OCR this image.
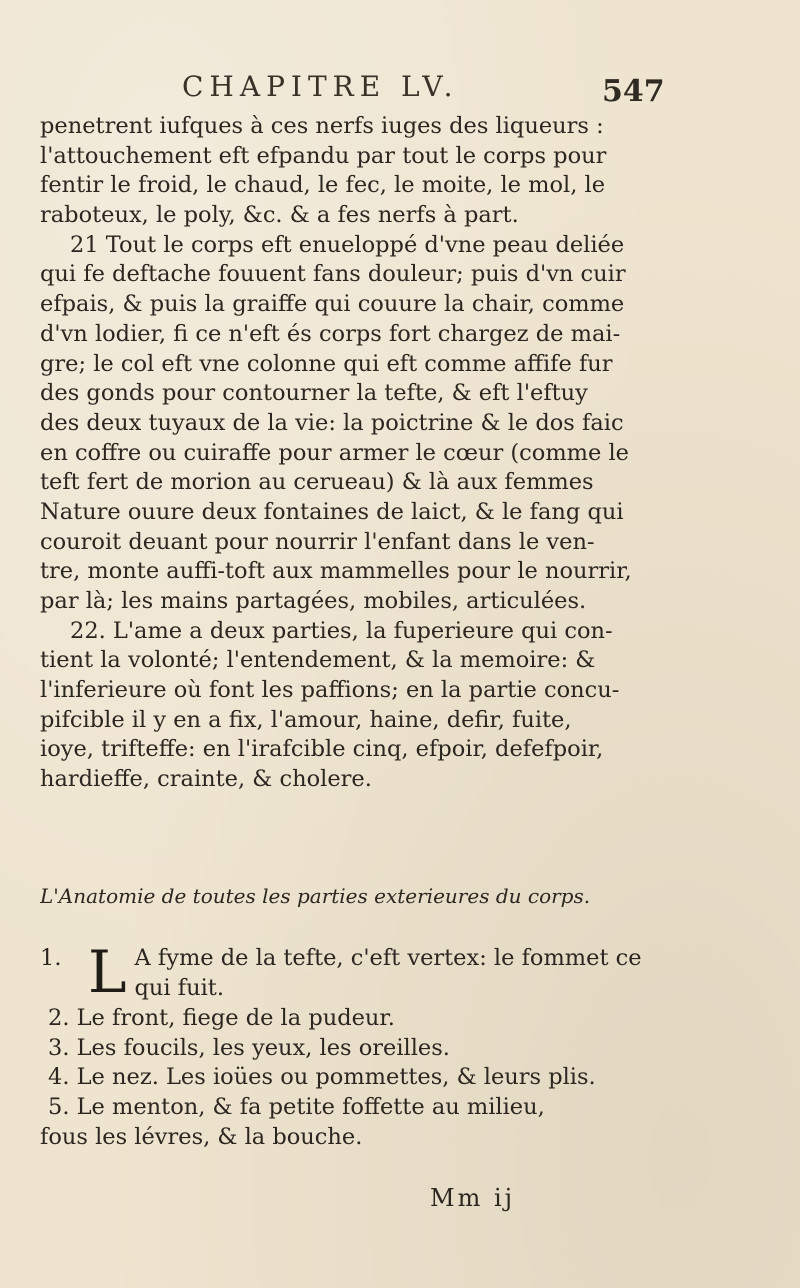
CHAPITRE LV.	547
penetrent iufques à ces nerfs iuges des liqueurs :
l'attouchement eft efpandu par tout le corps pour
fentir le froid, le chaud, le fec, le moite, le mol, le
raboteux, le poly, &c. & a fes nerfs à part.
21 Tout le corps eft enueloppé d'vne peau deliée
qui fe deftache fouuent fans douleur; puis d'vn cuir
efpais, & puis la graiffe qui couure la chair, comme
d'vn lodier, fi ce n'eft és corps fort chargez de mai-
gre; le col eft vne colonne qui eft comme affife fur
des gonds pour contourner la tefte, & eft l'eftuy
des deux tuyaux de la vie: la poictrine & le dos faic
en coffre ou cuiraffe pour armer le cœur (comme le
teft fert de morion au cerueau) & là aux femmes
Nature ouure deux fontaines de laict, & le fang qui
couroit deuant pour nourrir l'enfant dans le ven-
tre, monte auffi-toft aux mammelles pour le nourrir,
par là; les mains partagées, mobiles, articulées.
22. L'ame a deux parties, la fuperieure qui con-
tient la volonté; l'entendement, & la memoire: &
l'inferieure où font les paffions; en la partie concu-
pifcible il y en a fix, l'amour, haine, defir, fuite,
ioye, trifteffe: en l'irafcible cinq, efpoir, defefpoir,
hardieffe, crainte, & cholere.
L'Anatomie de toutes les parties exterieures du corps.
1. L A fyme de la tefte, c'eft vertex: le fommet ce
qui fuit.
2. Le front, fiege de la pudeur.
3. Les foucils, les yeux, les oreilles.
4. Le nez. Les ioües ou pommettes, & leurs plis.
5. Le menton, & fa petite foffette au milieu,
fous les lévres, & la bouche.
Mm ij
